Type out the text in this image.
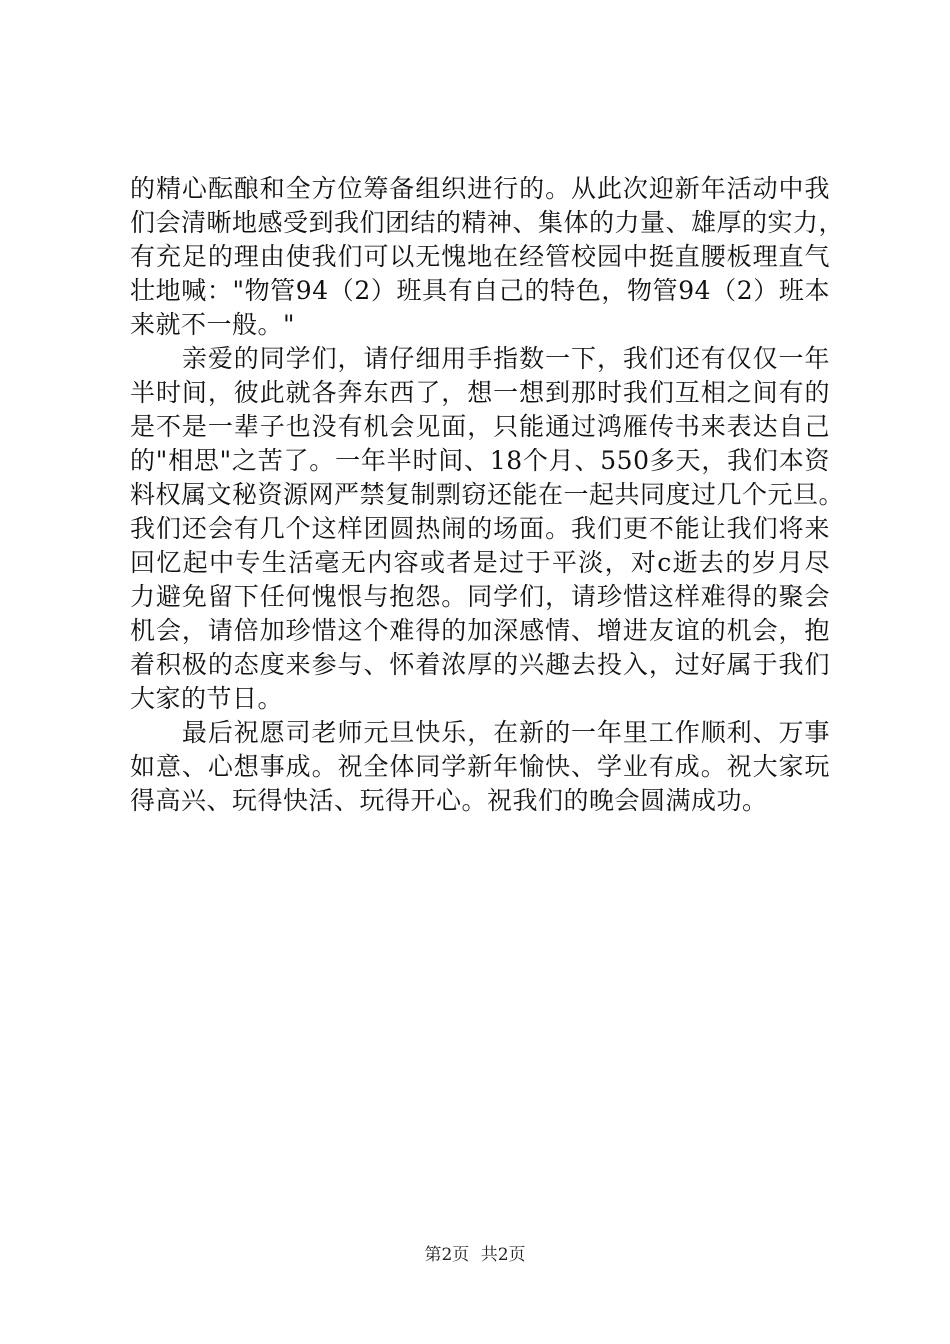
的精心酝酿和全方位筹备组织进行的。从此次迎新年活动中我
们会清晰地感受到我们团结的精神、集体的力量、雄厚的实力，
有充足的理由使我们可以无愧地在经管校园中挺直腰板理直气
壮地喊："物管94（2）班具有自己的特色，物管94（2）班本
来就不一般。"
　　亲爱的同学们，请仔细用手指数一下，我们还有仅仅一年
半时间，彼此就各奔东西了，想一想到那时我们互相之间有的
是不是一辈子也没有机会见面，只能通过鸿雁传书来表达自己
的"相思"之苦了。一年半时间、18个月、550多天，我们本资
料权属文秘资源网严禁复制剽窃还能在一起共同度过几个元旦。
我们还会有几个这样团圆热闹的场面。我们更不能让我们将来
回忆起中专生活毫无内容或者是过于平淡，对c逝去的岁月尽
力避免留下任何愧恨与抱怨。同学们，请珍惜这样难得的聚会
机会，请倍加珍惜这个难得的加深感情、增进友谊的机会，抱
着积极的态度来参与、怀着浓厚的兴趣去投入，过好属于我们
大家的节日。
　　最后祝愿司老师元旦快乐，在新的一年里工作顺利、万事
如意、心想事成。祝全体同学新年愉快、学业有成。祝大家玩
得高兴、玩得快活、玩得开心。祝我们的晚会圆满成功。
第2页 共2页
